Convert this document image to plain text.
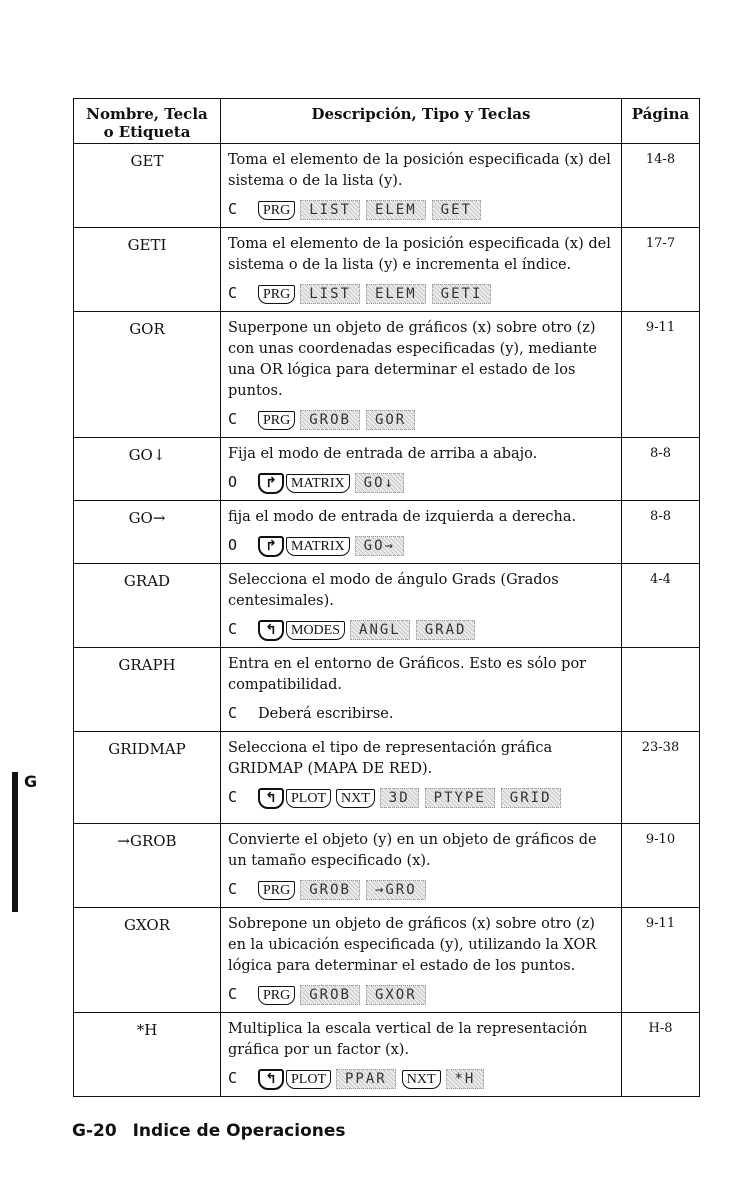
Nombre, Tecla
o Etiqueta	Descripción, Tipo y Teclas	Página
GET	Toma el elemento de la posición especificada (x) del sistema o de la lista (y).
C PRG LIST ELEM GET	14-8
GETI	Toma el elemento de la posición especificada (x) del sistema o de la lista (y) e incrementa el índice.
C PRG LIST ELEM GETI	17-7
GOR	Superpone un objeto de gráficos (x) sobre otro (z) con unas coordenadas especificadas (y), mediante una OR lógica para determinar el estado de los puntos.
C PRG GROB GOR	9-11
GO↓	Fija el modo de entrada de arriba a abajo.
O ↱ MATRIX GO↓	8-8
GO→	fija el modo de entrada de izquierda a derecha.
O ↱ MATRIX GO→	8-8
GRAD	Selecciona el modo de ángulo Grads (Grados centesimales).
C ↰ MODES ANGL GRAD	4-4
GRAPH	Entra en el entorno de Gráficos. Esto es sólo por compatibilidad.
C Deberá escribirse.	

GRIDMAP	Selecciona el tipo de representación gráfica GRIDMAP (MAPA DE RED).
C ↰ PLOT NXT 3D PTYPE GRID	23-38
→GROB	Convierte el objeto (y) en un objeto de gráficos de un tamaño especificado (x).
C PRG GROB →GRO	9-10
GXOR	Sobrepone un objeto de gráficos (x) sobre otro (z) en la ubicación especificada (y), utilizando la XOR lógica para determinar el estado de los puntos.
C PRG GROB GXOR	9-11
*H	Multiplica la escala vertical de la representación gráfica por un factor (x).
C ↰ PLOT PPAR NXT *H	H-8
G
G-20 Indice de Operaciones
